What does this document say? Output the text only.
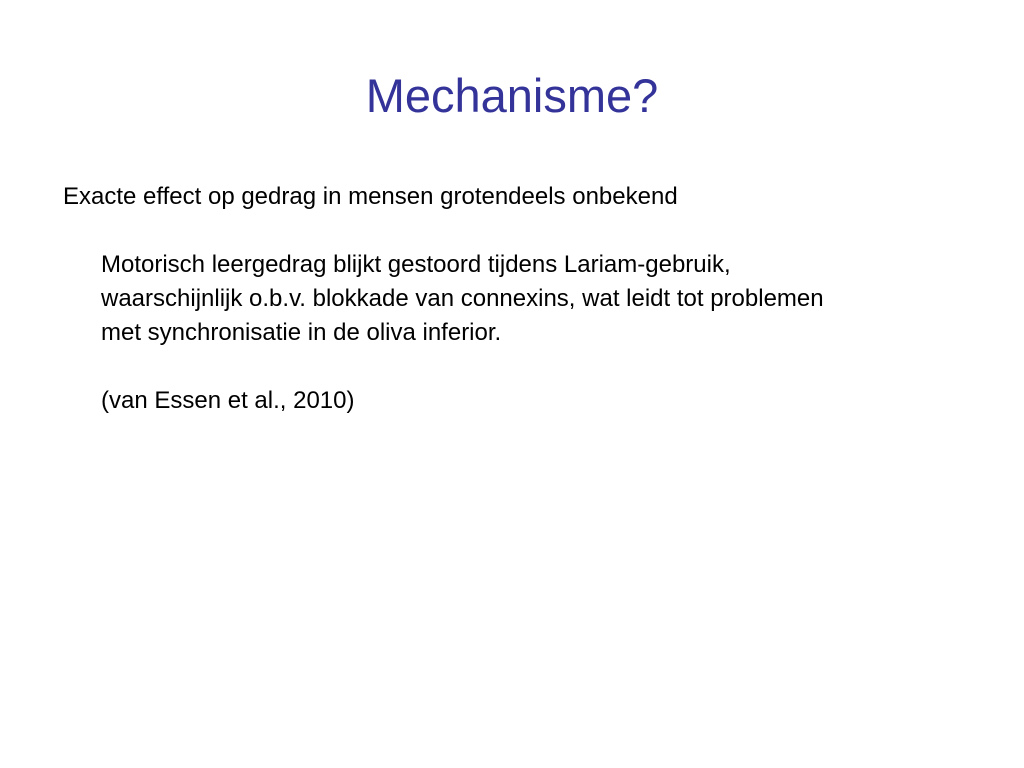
Mechanisme?

Exacte effect op gedrag in mensen grotendeels onbekend

Motorisch leergedrag blijkt gestoord tijdens Lariam-gebruik,
waarschijnlijk o.b.v. blokkade van connexins, wat leidt tot problemen
met synchronisatie in de oliva inferior.

(van Essen et al., 2010)
